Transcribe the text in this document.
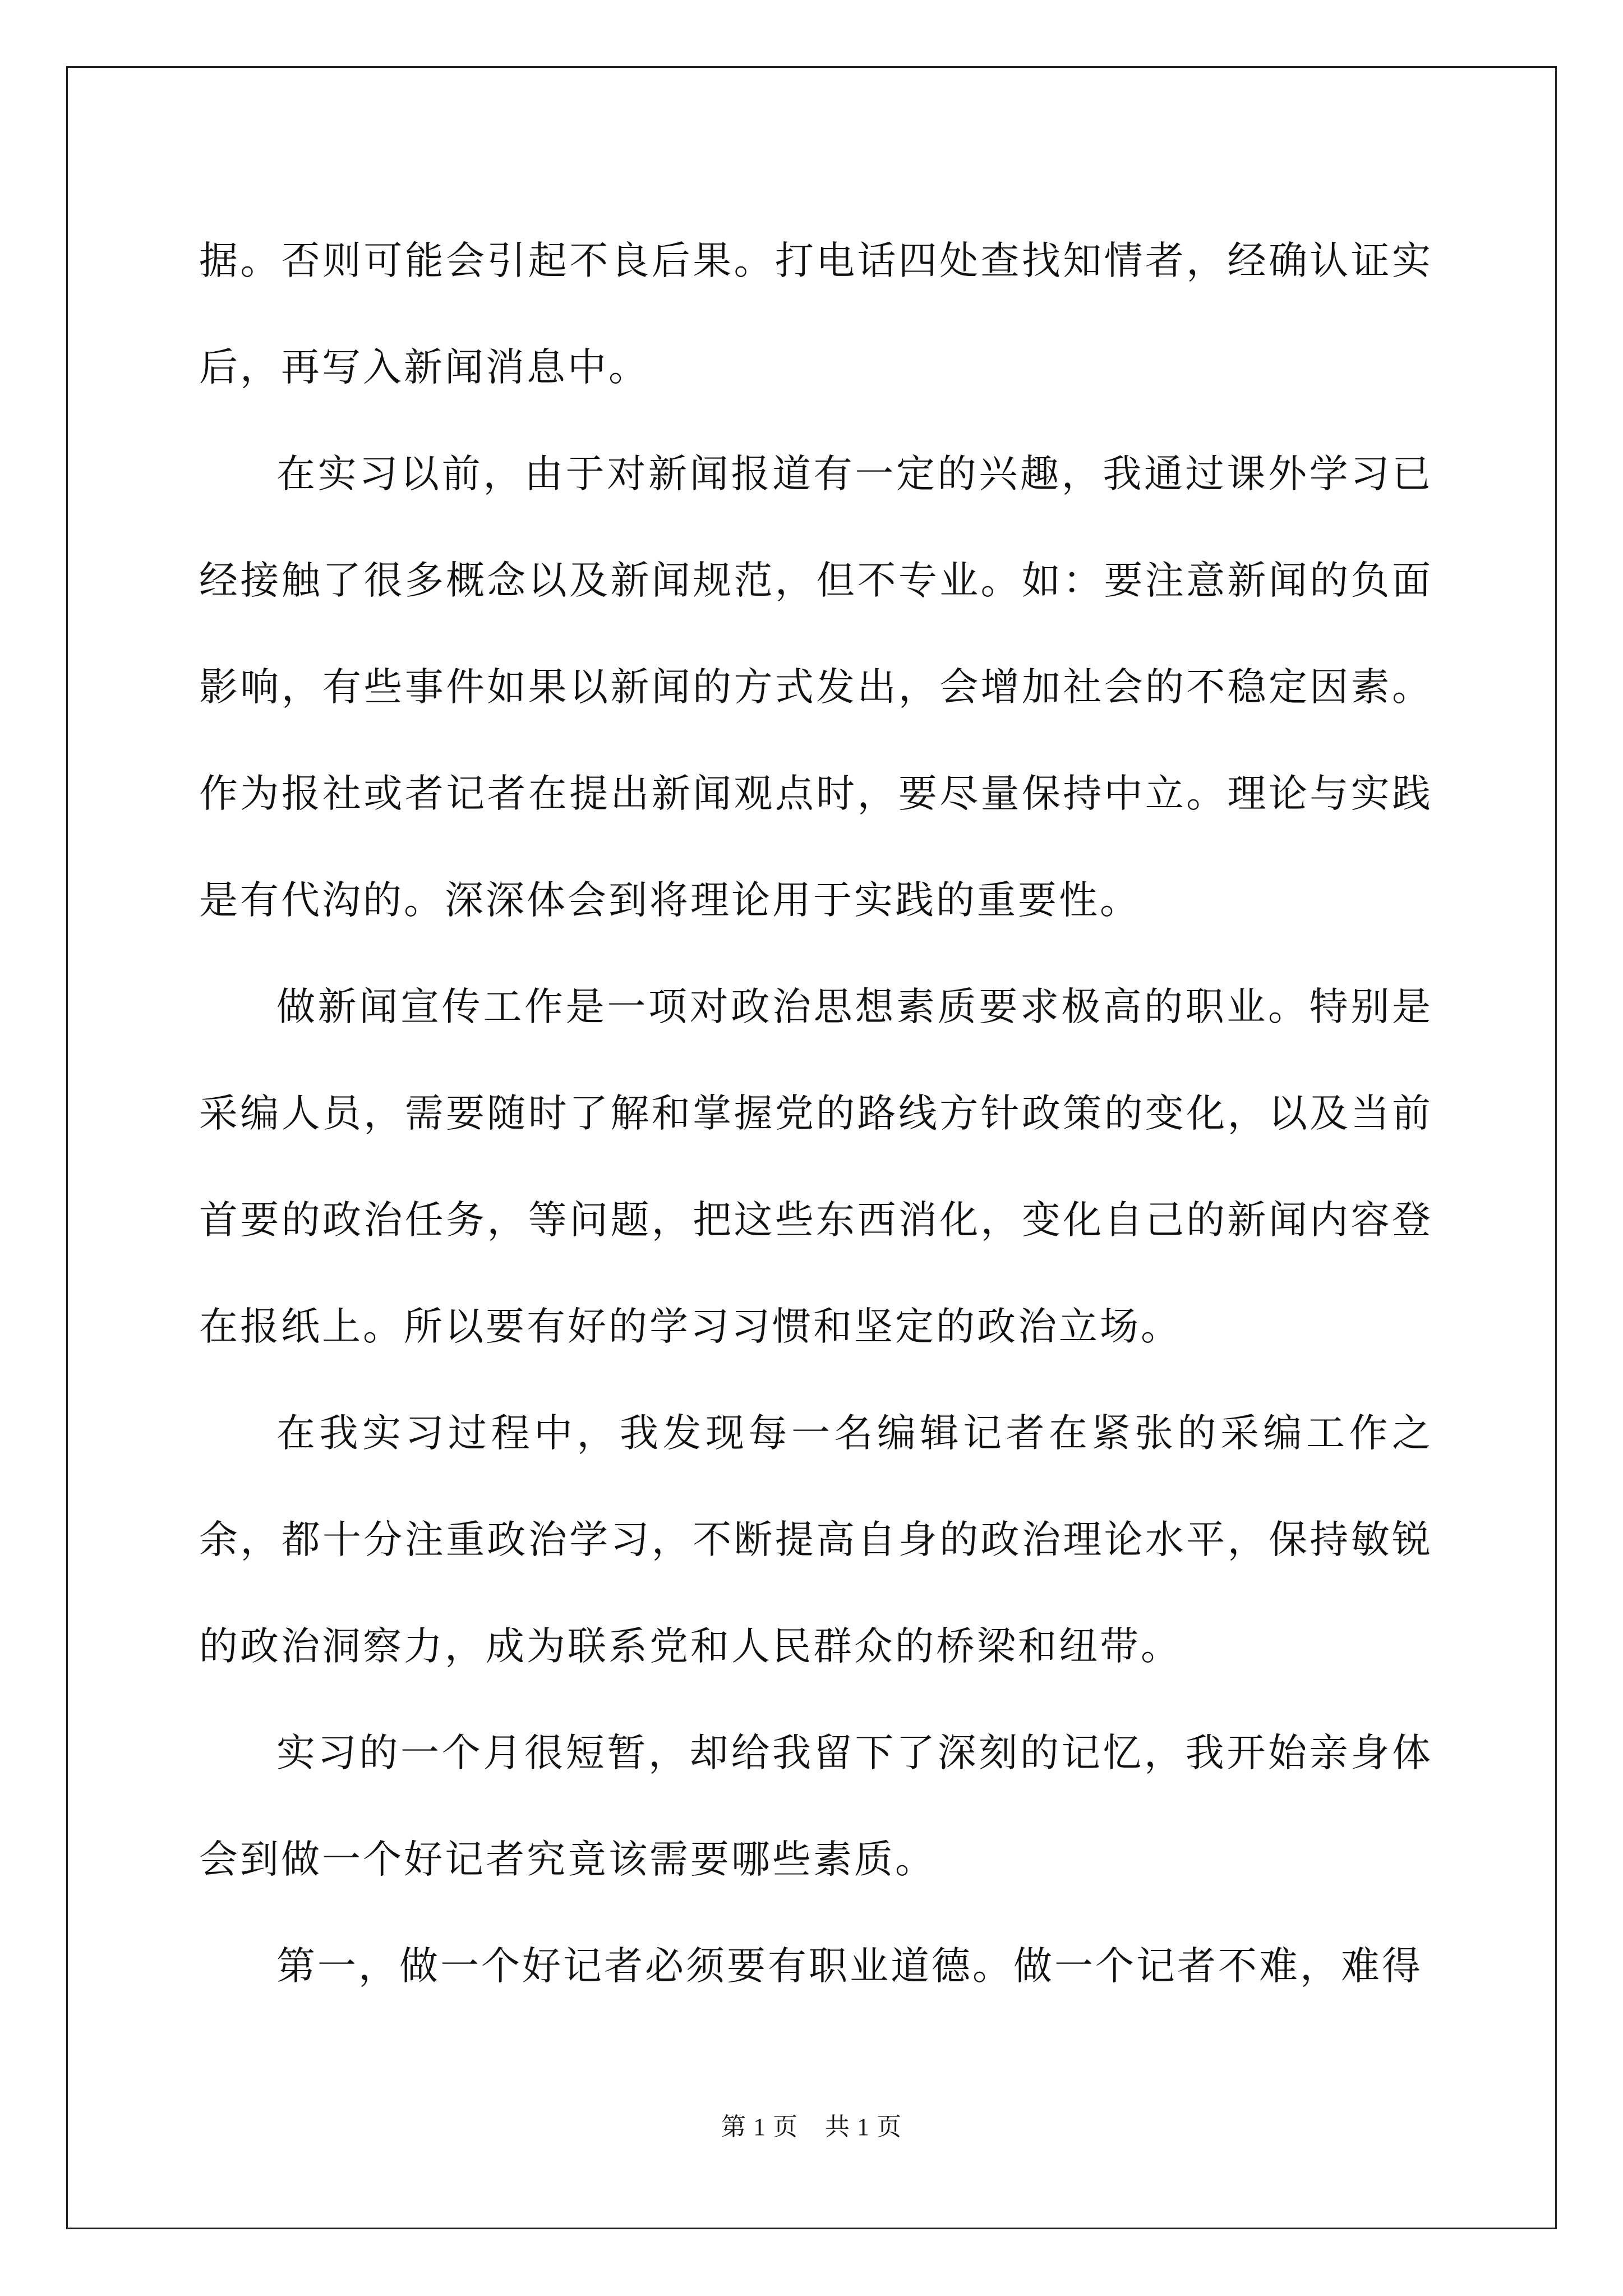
据。否则可能会引起不良后果。打电话四处查找知情者，经确认证实后，再写入新闻消息中。

在实习以前，由于对新闻报道有一定的兴趣，我通过课外学习已经接触了很多概念以及新闻规范，但不专业。如：要注意新闻的负面影响，有些事件如果以新闻的方式发出，会增加社会的不稳定因素。作为报社或者记者在提出新闻观点时，要尽量保持中立。理论与实践是有代沟的。深深体会到将理论用于实践的重要性。

做新闻宣传工作是一项对政治思想素质要求极高的职业。特别是采编人员，需要随时了解和掌握党的路线方针政策的变化，以及当前首要的政治任务，等问题，把这些东西消化，变化自己的新闻内容登在报纸上。所以要有好的学习习惯和坚定的政治立场。

在我实习过程中，我发现每一名编辑记者在紧张的采编工作之余，都十分注重政治学习，不断提高自身的政治理论水平，保持敏锐的政治洞察力，成为联系党和人民群众的桥梁和纽带。

实习的一个月很短暂，却给我留下了深刻的记忆，我开始亲身体会到做一个好记者究竟该需要哪些素质。

第一，做一个好记者必须要有职业道德。做一个记者不难，难得

第 1 页 共 1 页
